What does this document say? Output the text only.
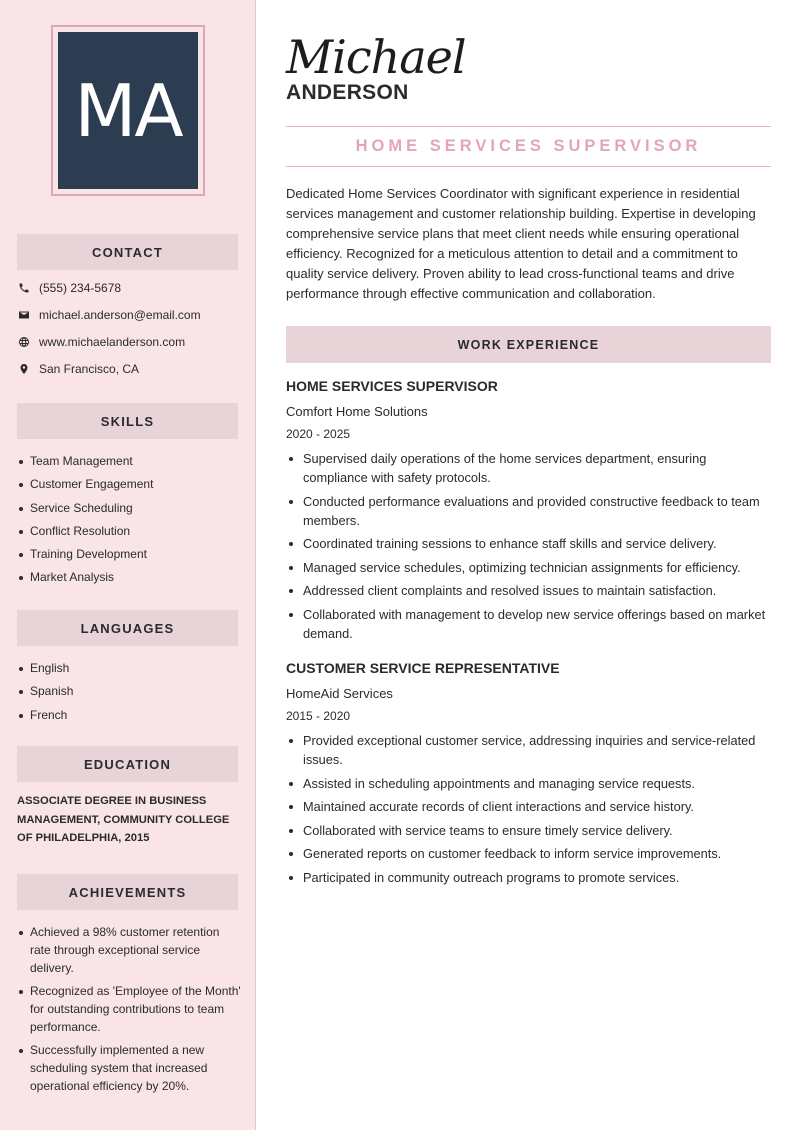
MA
CONTACT
(555) 234-5678
michael.anderson@email.com
www.michaelanderson.com
San Francisco, CA
SKILLS
Team Management
Customer Engagement
Service Scheduling
Conflict Resolution
Training Development
Market Analysis
LANGUAGES
English
Spanish
French
EDUCATION
ASSOCIATE DEGREE IN BUSINESS MANAGEMENT, COMMUNITY COLLEGE OF PHILADELPHIA, 2015
ACHIEVEMENTS
Achieved a 98% customer retention rate through exceptional service delivery.
Recognized as 'Employee of the Month' for outstanding contributions to team performance.
Successfully implemented a new scheduling system that increased operational efficiency by 20%.
Michael
ANDERSON
HOME SERVICES SUPERVISOR

Dedicated Home Services Coordinator with significant experience in residential services management and customer relationship building. Expertise in developing comprehensive service plans that meet client needs while ensuring operational efficiency. Recognized for a meticulous attention to detail and a commitment to quality service delivery. Proven ability to lead cross-functional teams and drive performance through effective communication and collaboration.

WORK EXPERIENCE
HOME SERVICES SUPERVISOR
Comfort Home Solutions
2020 - 2025
Supervised daily operations of the home services department, ensuring compliance with safety protocols.
Conducted performance evaluations and provided constructive feedback to team members.
Coordinated training sessions to enhance staff skills and service delivery.
Managed service schedules, optimizing technician assignments for efficiency.
Addressed client complaints and resolved issues to maintain satisfaction.
Collaborated with management to develop new service offerings based on market demand.
CUSTOMER SERVICE REPRESENTATIVE
HomeAid Services
2015 - 2020
Provided exceptional customer service, addressing inquiries and service-related issues.
Assisted in scheduling appointments and managing service requests.
Maintained accurate records of client interactions and service history.
Collaborated with service teams to ensure timely service delivery.
Generated reports on customer feedback to inform service improvements.
Participated in community outreach programs to promote services.
